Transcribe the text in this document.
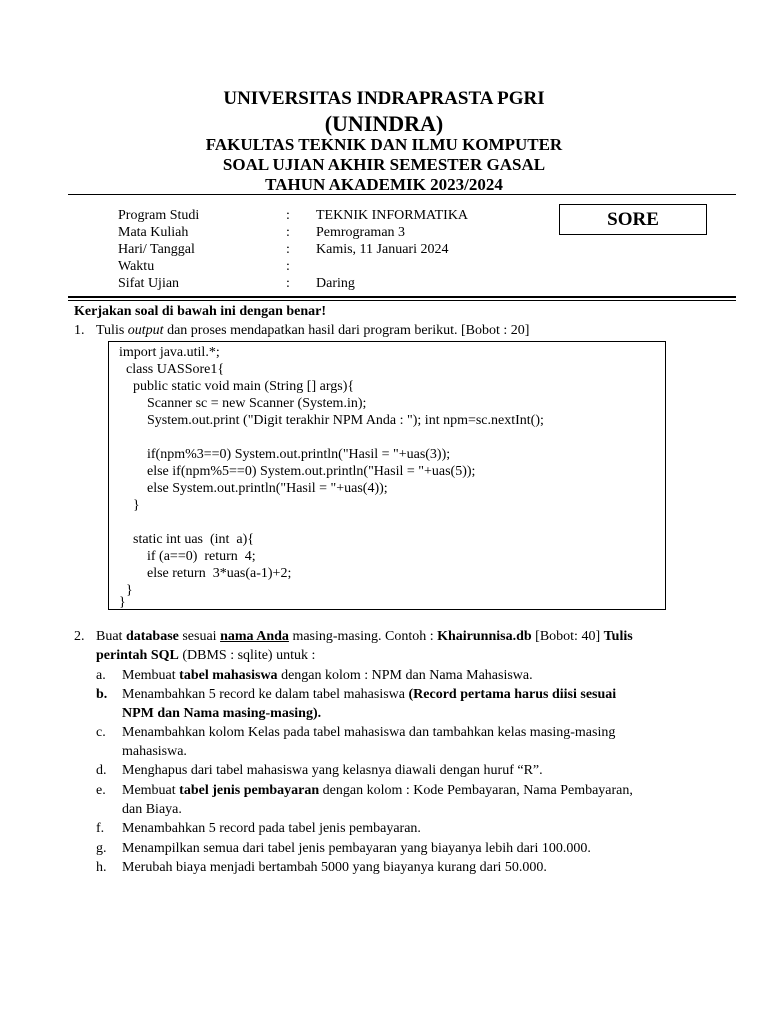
UNIVERSITAS INDRAPRASTA PGRI
(UNINDRA)
FAKULTAS TEKNIK DAN ILMU KOMPUTER
SOAL UJIAN AKHIR SEMESTER GASAL
TAHUN AKADEMIK 2023/2024
Program Studi	: TEKNIK INFORMATIKA
Mata Kuliah	: Pemrograman 3
Hari/ Tanggal	: Kamis, 11 Januari 2024
Waktu	:
Sifat Ujian	: Daring
SORE
Kerjakan soal di bawah ini dengan benar!
1. Tulis output dan proses mendapatkan hasil dari program berikut. [Bobot : 20]
import java.util.*;
class UASSore1{
public static void main (String [] args){
Scanner sc = new Scanner (System.in);
System.out.print ("Digit terakhir NPM Anda : "); int npm=sc.nextInt();
if(npm%3==0) System.out.println("Hasil = "+uas(3));
else if(npm%5==0) System.out.println("Hasil = "+uas(5));
else System.out.println("Hasil = "+uas(4));
}
static int uas  (int  a){
if (a==0)  return  4;
else return  3*uas(a-1)+2;
}
}
2. Buat database sesuai nama Anda masing-masing. Contoh : Khairunnisa.db [Bobot: 40] Tulis
perintah SQL (DBMS : sqlite) untuk :
a. Membuat tabel mahasiswa dengan kolom : NPM dan Nama Mahasiswa.
b. Menambahkan 5 record ke dalam tabel mahasiswa (Record pertama harus diisi sesuai
NPM dan Nama masing-masing).
c. Menambahkan kolom Kelas pada tabel mahasiswa dan tambahkan kelas masing-masing
mahasiswa.
d. Menghapus dari tabel mahasiswa yang kelasnya diawali dengan huruf “R”.
e. Membuat tabel jenis pembayaran dengan kolom : Kode Pembayaran, Nama Pembayaran,
dan Biaya.
f. Menambahkan 5 record pada tabel jenis pembayaran.
g. Menampilkan semua dari tabel jenis pembayaran yang biayanya lebih dari 100.000.
h. Merubah biaya menjadi bertambah 5000 yang biayanya kurang dari 50.000.
